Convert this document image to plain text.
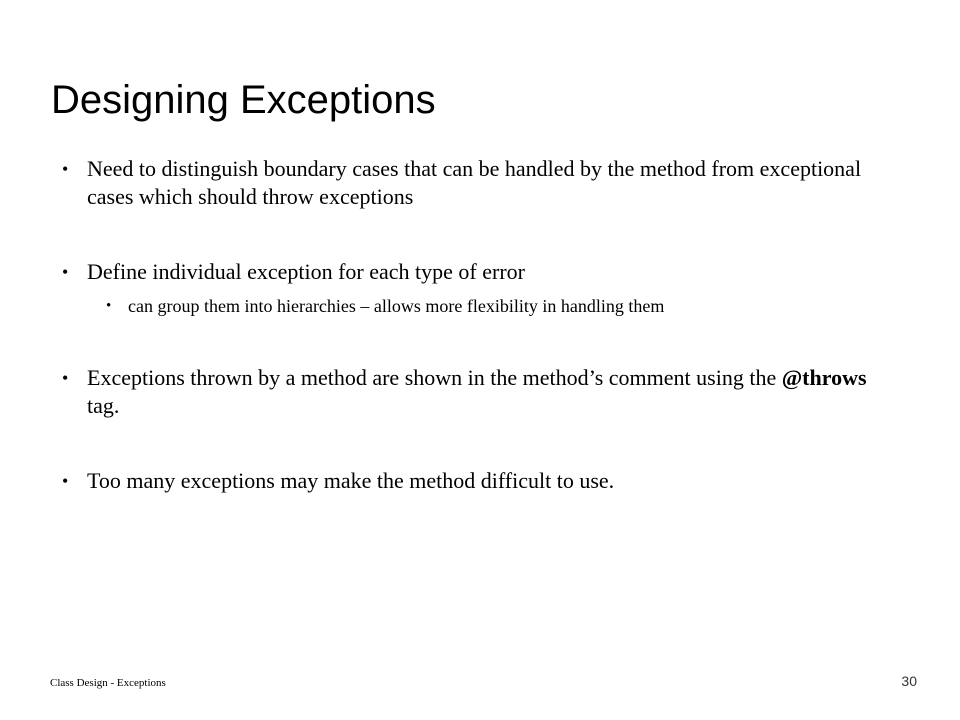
Designing Exceptions
• Need to distinguish boundary cases that can be handled by the method from exceptional cases which should throw exceptions
• Define individual exception for each type of error
• can group them into hierarchies – allows more flexibility in handling them
• Exceptions thrown by a method are shown in the method’s comment using the @throws tag.
• Too many exceptions may make the method difficult to use.
Class Design - Exceptions	30
